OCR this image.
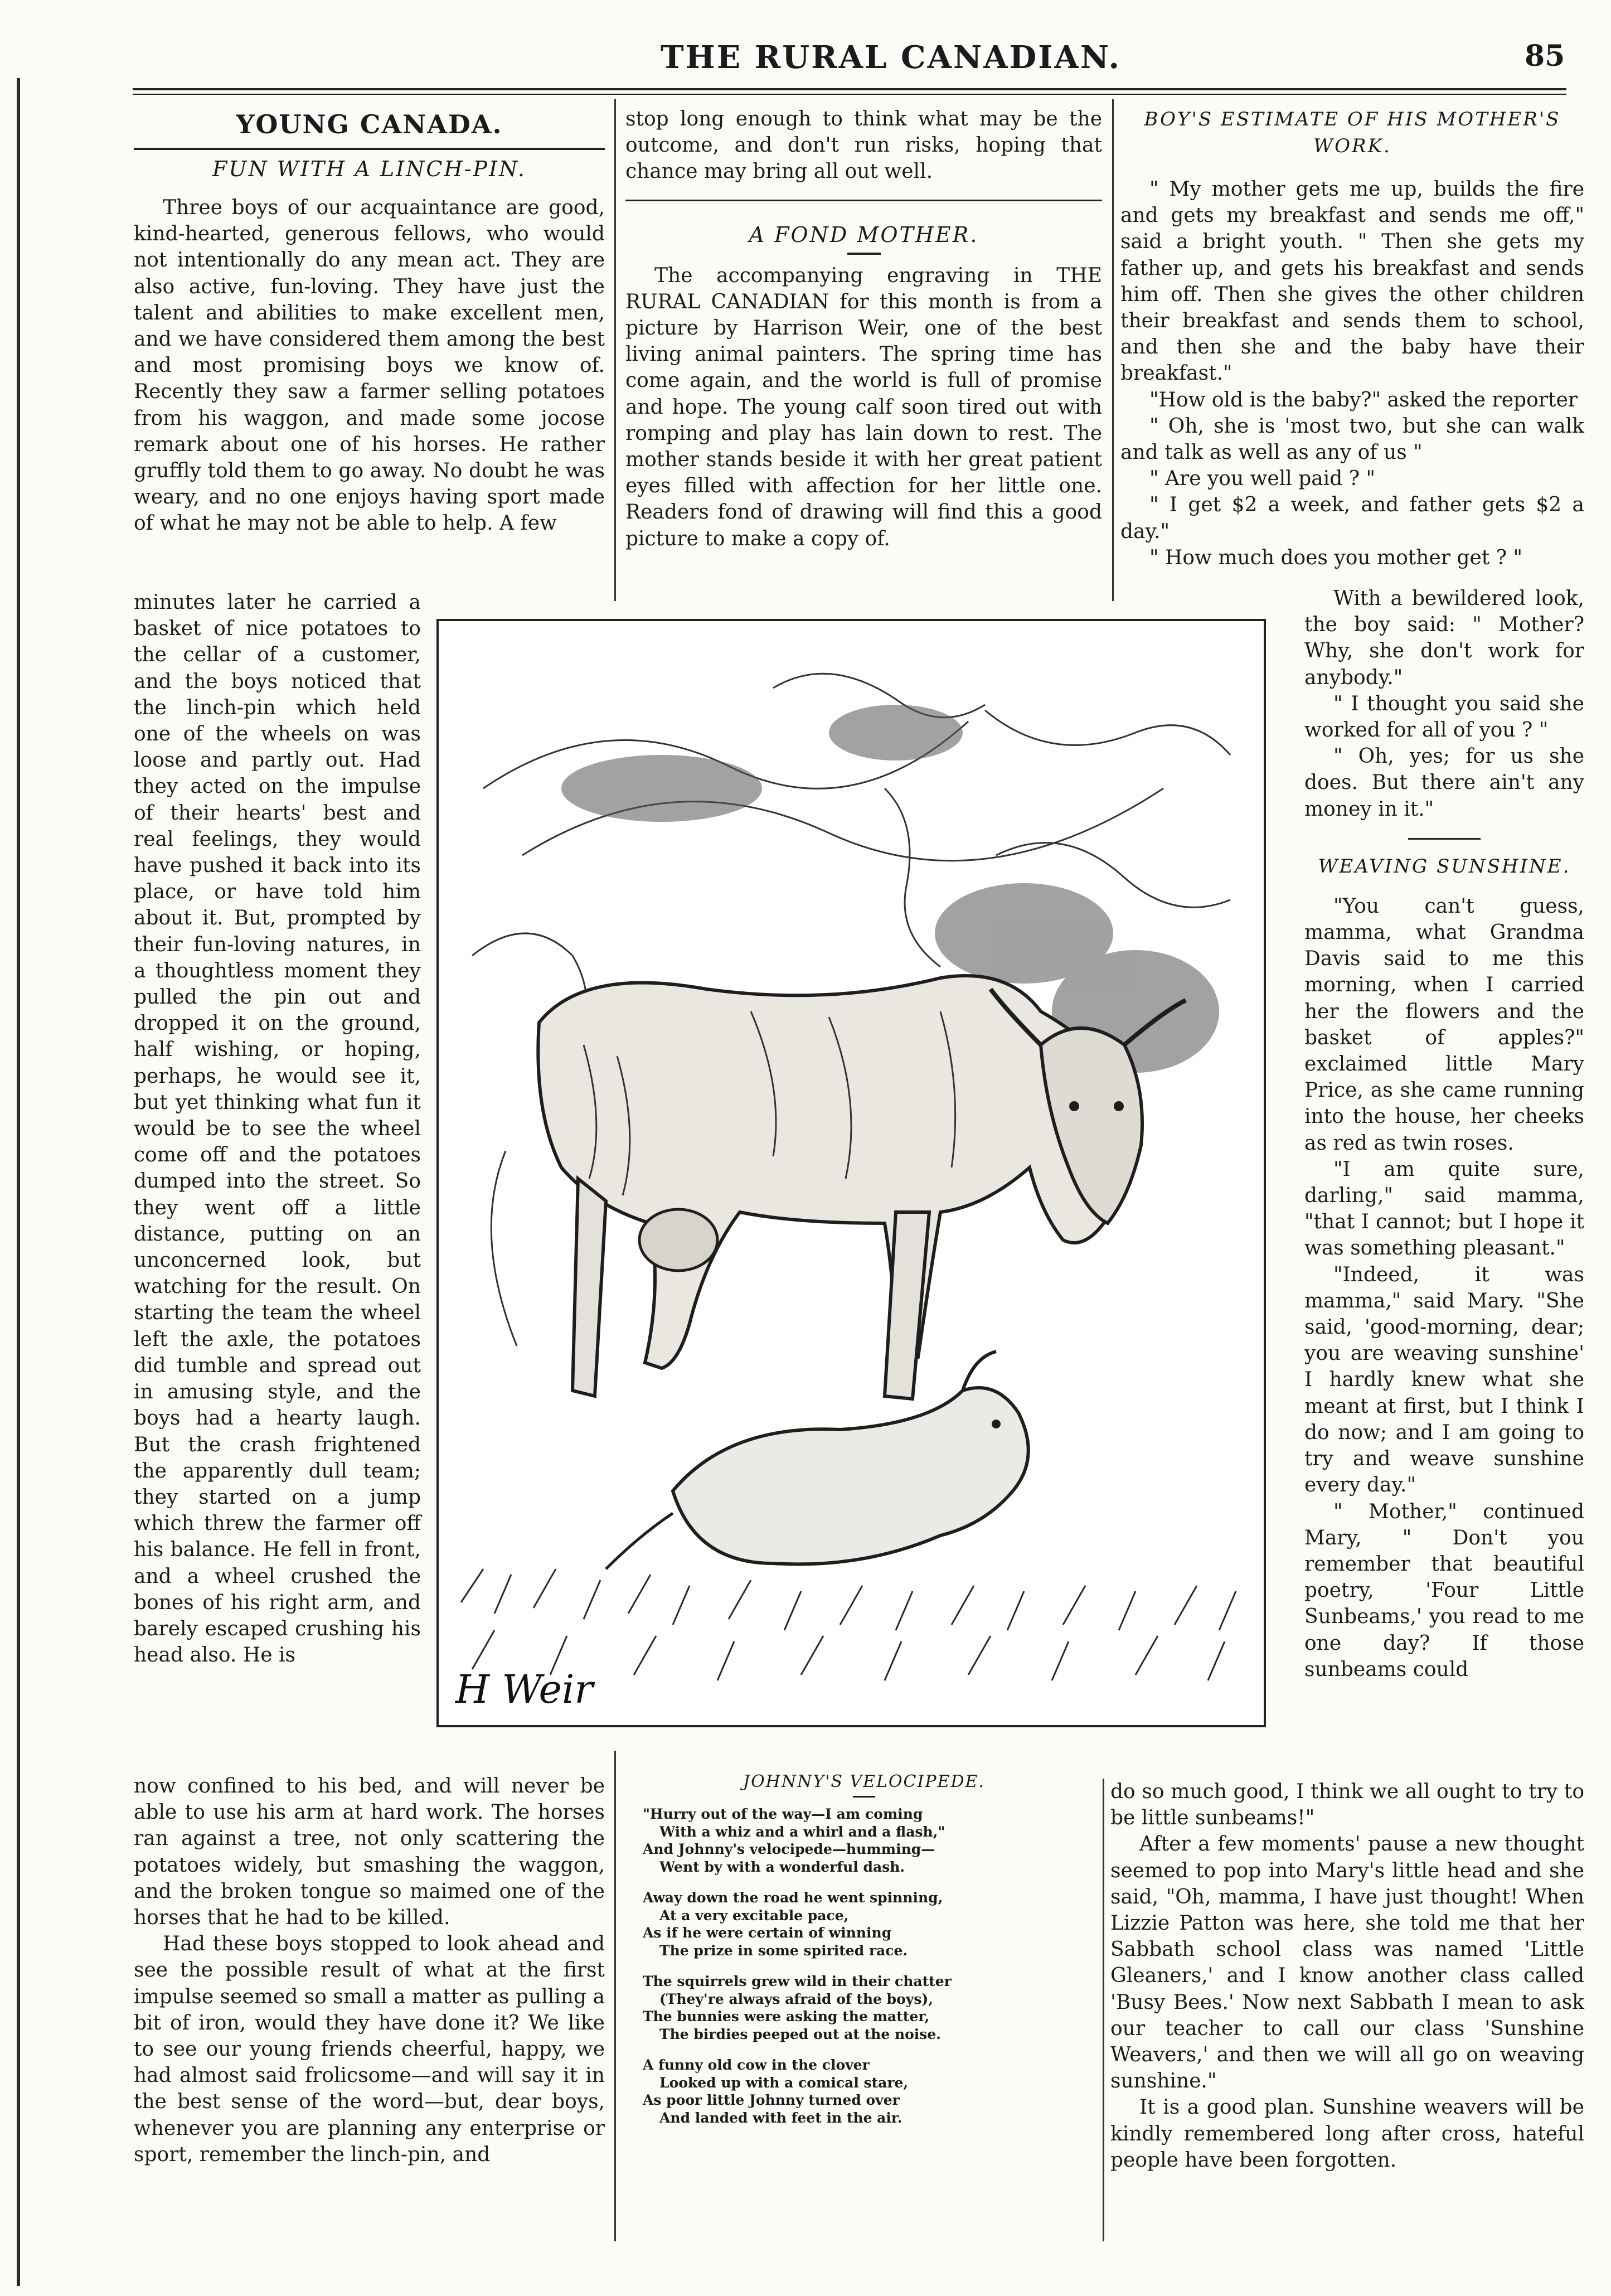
THE RURAL CANADIAN.	85
YOUNG CANADA.
FUN WITH A LINCH-PIN.

Three boys of our acquaintance are good, kind-hearted, generous fellows, who would not intentionally do any mean act. They are also active, fun-loving. They have just the talent and abilities to make excellent men, and we have considered them among the best and most promising boys we know of. Recently they saw a farmer selling potatoes from his waggon, and made some jocose remark about one of his horses. He rather gruffly told them to go away. No doubt he was weary, and no one enjoys having sport made of what he may not be able to help. A few

minutes later he carried a basket of nice potatoes to the cellar of a customer, and the boys noticed that the linch-pin which held one of the wheels on was loose and partly out. Had they acted on the impulse of their hearts' best and real feelings, they would have pushed it back into its place, or have told him about it. But, prompted by their fun-loving natures, in a thoughtless moment they pulled the pin out and dropped it on the ground, half wishing, or hoping, perhaps, he would see it, but yet thinking what fun it would be to see the wheel come off and the potatoes dumped into the street. So they went off a little distance, putting on an unconcerned look, but watching for the result. On starting the team the wheel left the axle, the potatoes did tumble and spread out in amusing style, and the boys had a hearty laugh. But the crash frightened the apparently dull team; they started on a jump which threw the farmer off his balance. He fell in front, and a wheel crushed the bones of his right arm, and barely escaped crushing his head also. He is

now confined to his bed, and will never be able to use his arm at hard work. The horses ran against a tree, not only scattering the potatoes widely, but smashing the waggon, and the broken tongue so maimed one of the horses that he had to be killed.

Had these boys stopped to look ahead and see the possible result of what at the first impulse seemed so small a matter as pulling a bit of iron, would they have done it? We like to see our young friends cheerful, happy, we had almost said frolicsome—and will say it in the best sense of the word—but, dear boys, whenever you are planning any enterprise or sport, remember the linch-pin, and

stop long enough to think what may be the outcome, and don't run risks, hoping that chance may bring all out well.

A FOND MOTHER.

The accompanying engraving in THE RURAL CANADIAN for this month is from a picture by Harrison Weir, one of the best living animal painters. The spring time has come again, and the world is full of promise and hope. The young calf soon tired out with romping and play has lain down to rest. The mother stands beside it with her great patient eyes filled with affection for her little one. Readers fond of drawing will find this a good picture to make a copy of.

BOY'S ESTIMATE OF HIS MOTHER'S
WORK.

" My mother gets me up, builds the fire and gets my breakfast and sends me off," said a bright youth. " Then she gets my father up, and gets his breakfast and sends him off. Then she gives the other children their breakfast and sends them to school, and then she and the baby have their breakfast."

"How old is the baby?" asked the reporter

" Oh, she is 'most two, but she can walk and talk as well as any of us "

" Are you well paid ? "

" I get $2 a week, and father gets $2 a day."

" How much does you mother get ? "

With a bewildered look, the boy said: " Mother? Why, she don't work for anybody."

" I thought you said she worked for all of you ? "

" Oh, yes; for us she does. But there ain't any money in it."

WEAVING SUNSHINE.

"You can't guess, mamma, what Grandma Davis said to me this morning, when I carried her the flowers and the basket of apples?" exclaimed little Mary Price, as she came running into the house, her cheeks as red as twin roses.

"I am quite sure, darling," said mamma, "that I cannot; but I hope it was something pleasant."

"Indeed, it was mamma," said Mary. "She said, 'good-morning, dear; you are weaving sunshine' I hardly knew what she meant at first, but I think I do now; and I am going to try and weave sunshine every day."

" Mother," continued Mary, " Don't you remember that beautiful poetry, 'Four Little Sunbeams,' you read to me one day? If those sunbeams could

do so much good, I think we all ought to try to be little sunbeams!"

After a few moments' pause a new thought seemed to pop into Mary's little head and she said, "Oh, mamma, I have just thought! When Lizzie Patton was here, she told me that her Sabbath school class was named 'Little Gleaners,' and I know another class called 'Busy Bees.' Now next Sabbath I mean to ask our teacher to call our class 'Sunshine Weavers,' and then we will all go on weaving sunshine."

It is a good plan. Sunshine weavers will be kindly remembered long after cross, hateful people have been forgotten.

H Weir
JOHNNY'S VELOCIPEDE.
"Hurry out of the way—I am coming
With a whiz and a whirl and a flash,"
And Johnny's velocipede—humming—
Went by with a wonderful dash.
Away down the road he went spinning,
At a very excitable pace,
As if he were certain of winning
The prize in some spirited race.
The squirrels grew wild in their chatter
(They're always afraid of the boys),
The bunnies were asking the matter,
The birdies peeped out at the noise.
A funny old cow in the clover
Looked up with a comical stare,
As poor little Johnny turned over
And landed with feet in the air.
